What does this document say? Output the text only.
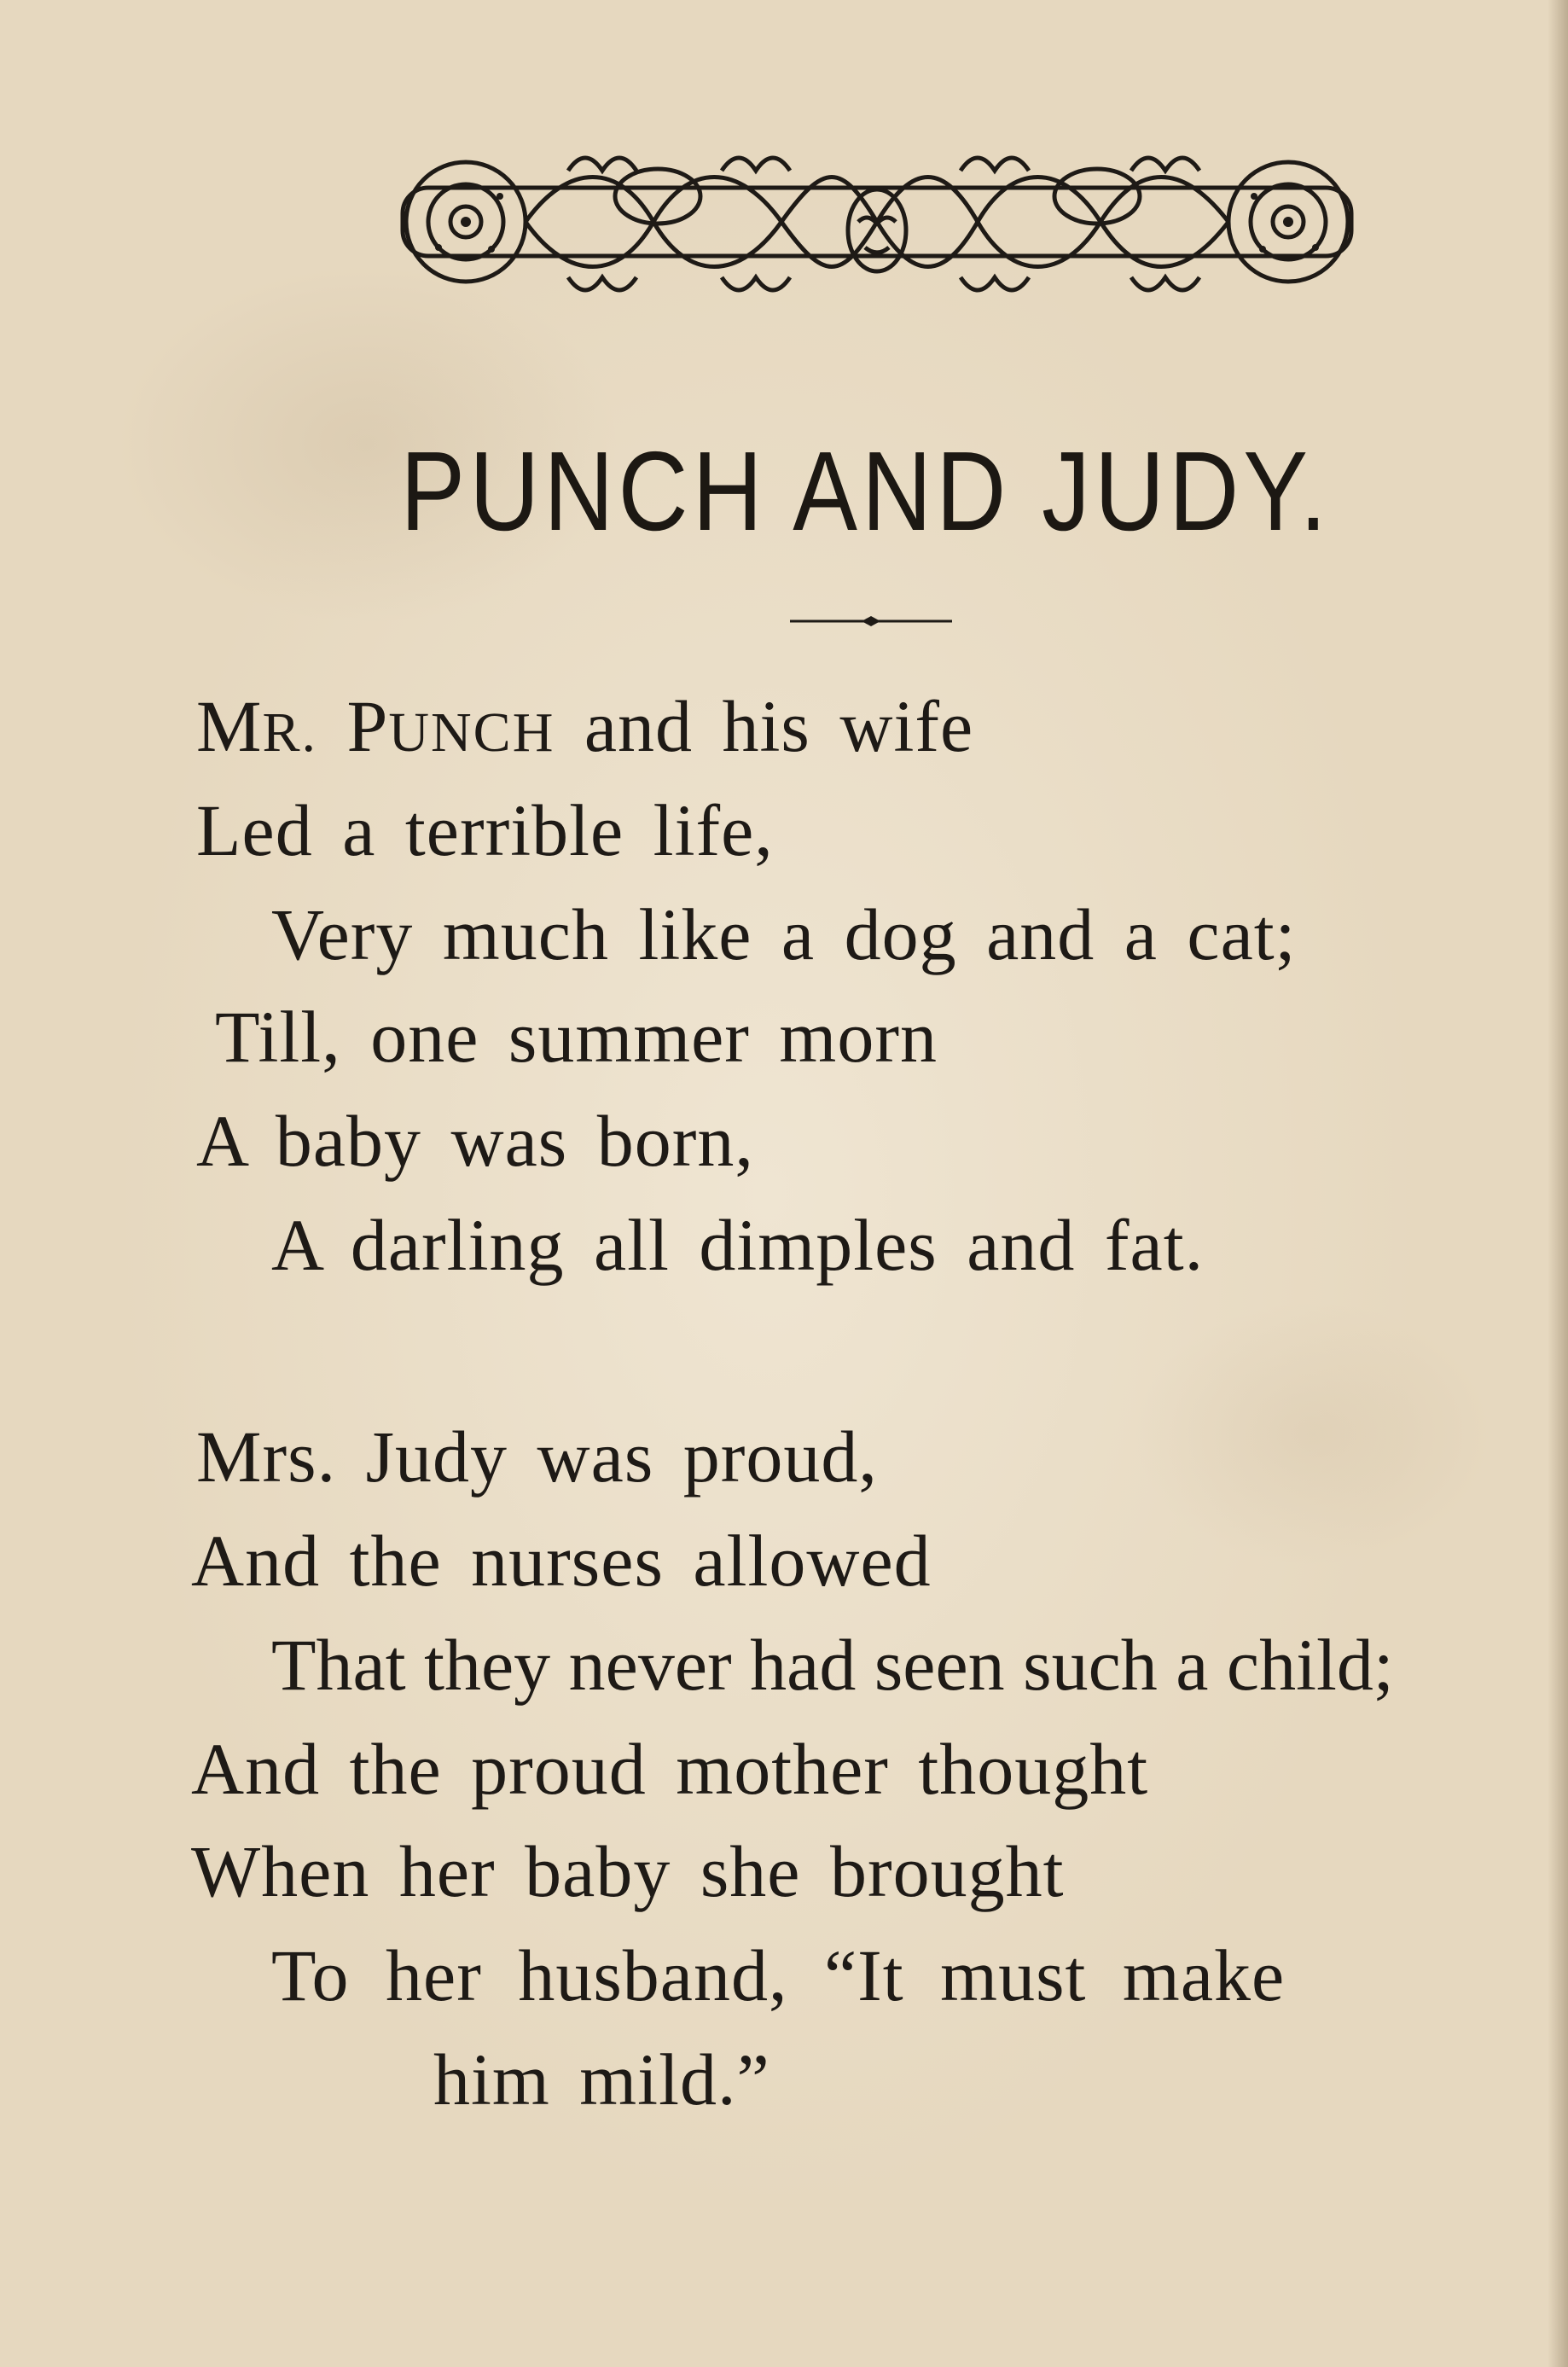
PUNCH AND JUDY.
MR. PUNCH and his wife
Led a terrible life,
Very much like a dog and a cat;
Till, one summer morn
A baby was born,
A darling all dimples and fat.
Mrs. Judy was proud,
And the nurses allowed
That they never had seen such a child;
And the proud mother thought
When her baby she brought
To her husband, “It must make
him mild.”
